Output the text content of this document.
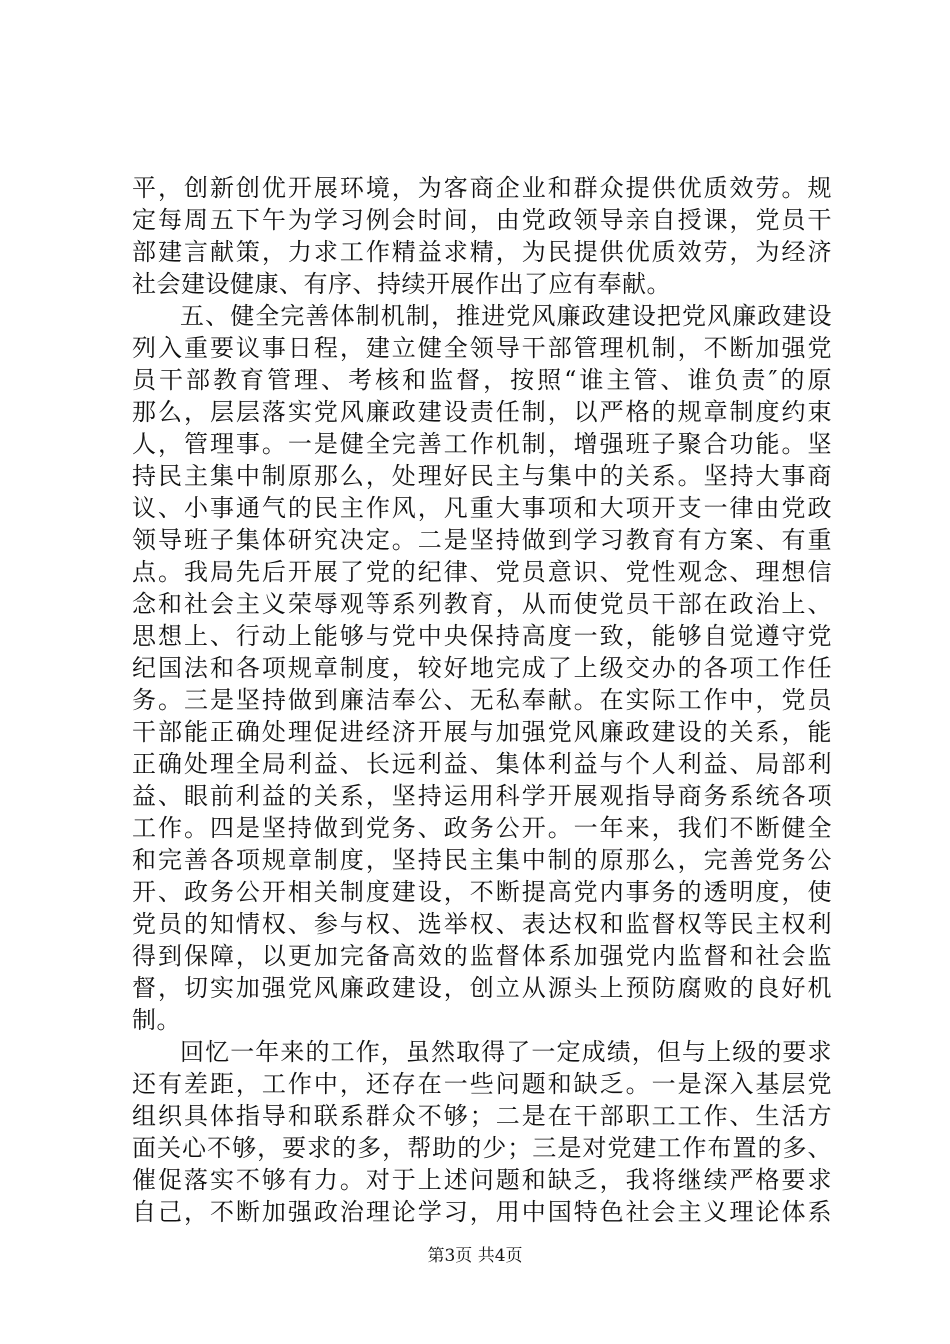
平，创新创优开展环境，为客商企业和群众提供优质效劳。规
定每周五下午为学习例会时间，由党政领导亲自授课，党员干
部建言献策，力求工作精益求精，为民提供优质效劳，为经济
社会建设健康、有序、持续开展作出了应有奉献。
五、健全完善体制机制，推进党风廉政建设把党风廉政建设
列入重要议事日程，建立健全领导干部管理机制，不断加强党
员干部教育管理、考核和监督，按照“谁主管、谁负责″的原
那么，层层落实党风廉政建设责任制，以严格的规章制度约束
人，管理事。一是健全完善工作机制，增强班子聚合功能。坚
持民主集中制原那么，处理好民主与集中的关系。坚持大事商
议、小事通气的民主作风，凡重大事项和大项开支一律由党政
领导班子集体研究决定。二是坚持做到学习教育有方案、有重
点。我局先后开展了党的纪律、党员意识、党性观念、理想信
念和社会主义荣辱观等系列教育，从而使党员干部在政治上、
思想上、行动上能够与党中央保持高度一致，能够自觉遵守党
纪国法和各项规章制度，较好地完成了上级交办的各项工作任
务。三是坚持做到廉洁奉公、无私奉献。在实际工作中，党员
干部能正确处理促进经济开展与加强党风廉政建设的关系，能
正确处理全局利益、长远利益、集体利益与个人利益、局部利
益、眼前利益的关系，坚持运用科学开展观指导商务系统各项
工作。四是坚持做到党务、政务公开。一年来，我们不断健全
和完善各项规章制度，坚持民主集中制的原那么，完善党务公
开、政务公开相关制度建设，不断提高党内事务的透明度，使
党员的知情权、参与权、选举权、表达权和监督权等民主权利
得到保障，以更加完备高效的监督体系加强党内监督和社会监
督，切实加强党风廉政建设，创立从源头上预防腐败的良好机
制。
回忆一年来的工作，虽然取得了一定成绩，但与上级的要求
还有差距，工作中，还存在一些问题和缺乏。一是深入基层党
组织具体指导和联系群众不够；二是在干部职工工作、生活方
面关心不够，要求的多，帮助的少；三是对党建工作布置的多、
催促落实不够有力。对于上述问题和缺乏，我将继续严格要求
自己，不断加强政治理论学习，用中国特色社会主义理论体系
第3页 共4页
